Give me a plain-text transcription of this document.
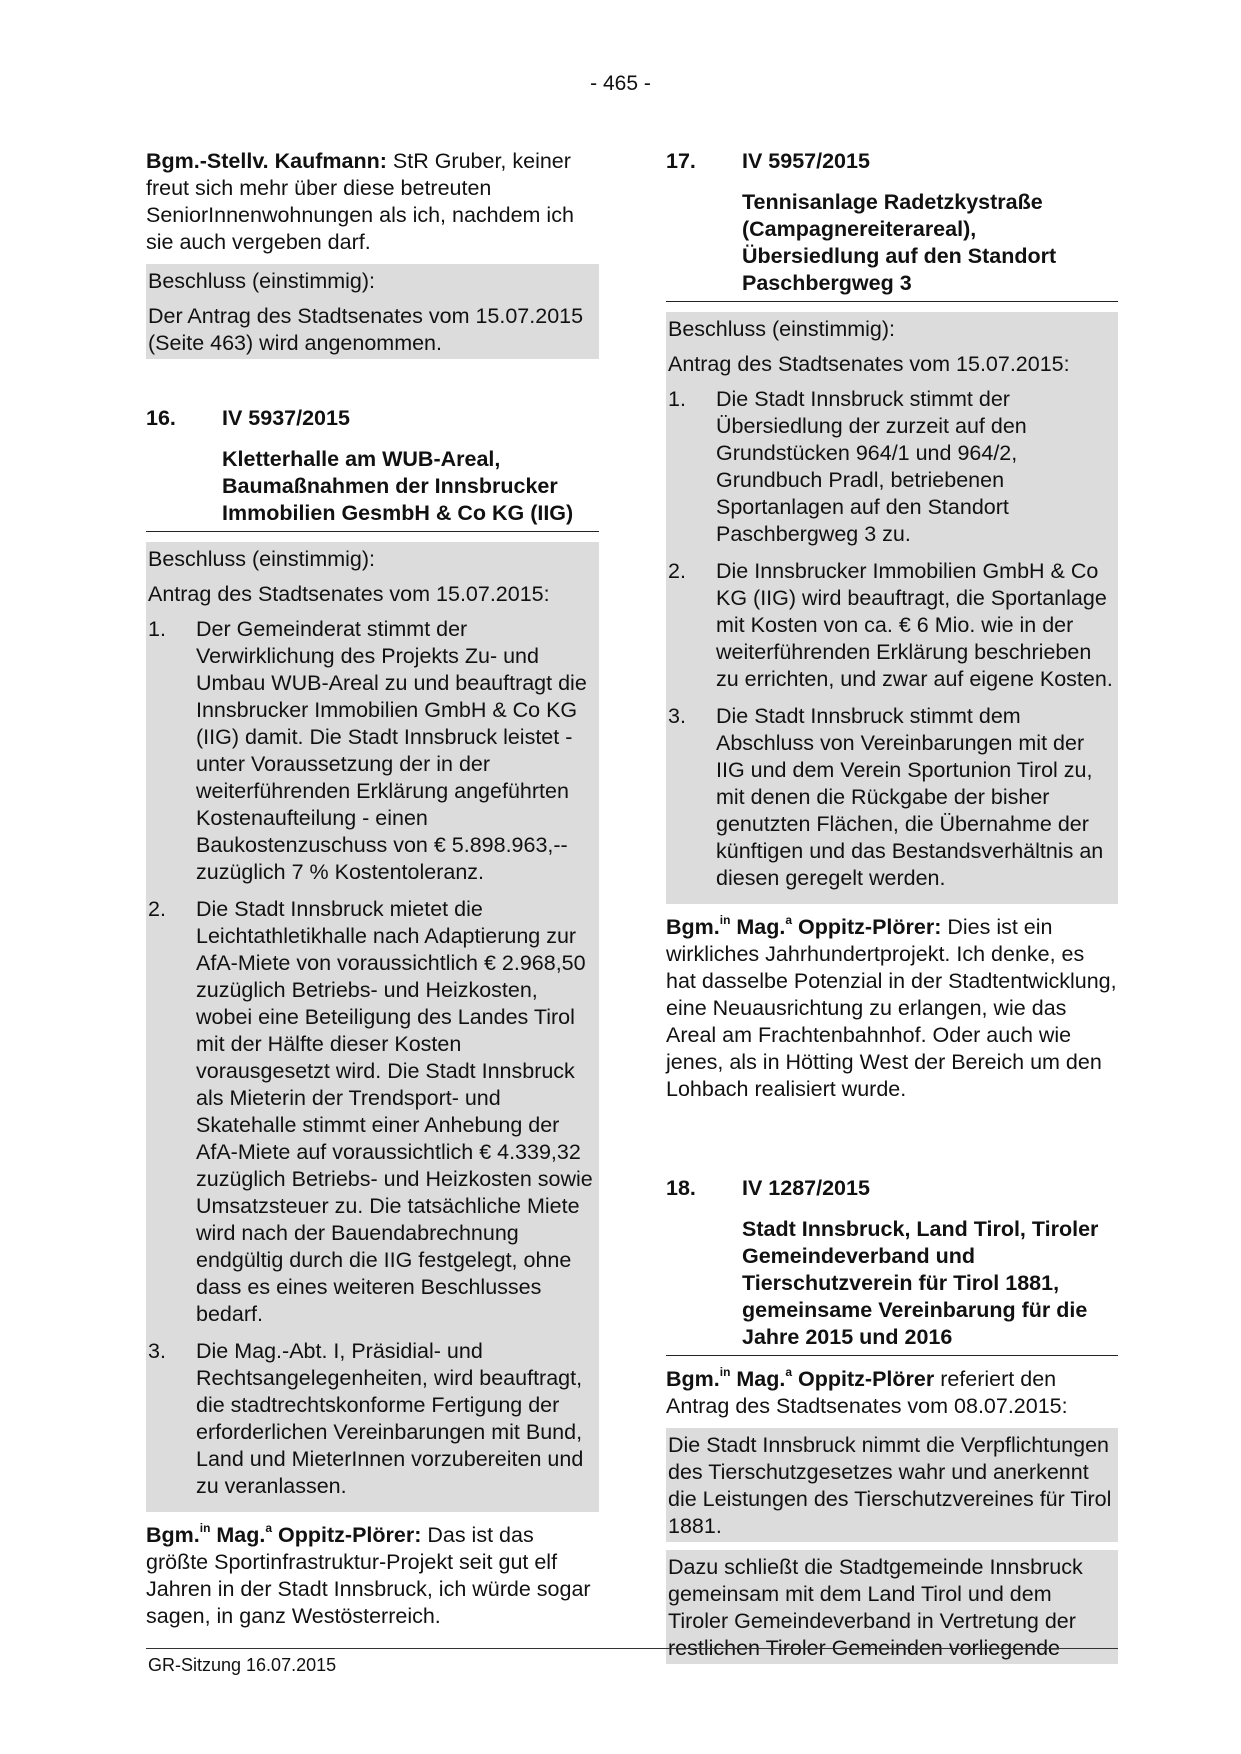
- 465 -

Bgm.-Stellv. Kaufmann: StR Gruber, keiner freut sich mehr über diese betreuten SeniorInnenwohnungen als ich, nachdem ich sie auch vergeben darf.

Beschluss (einstimmig):

Der Antrag des Stadtsenates vom 15.07.2015 (Seite 463) wird angenommen.

16.	IV 5937/2015
Kletterhalle am WUB-Areal, Baumaßnahmen der Innsbrucker Immobilien GesmbH & Co KG (IIG)

Beschluss (einstimmig):

Antrag des Stadtsenates vom 15.07.2015:

1.	Der Gemeinderat stimmt der Verwirklichung des Projekts Zu- und Umbau WUB-Areal zu und beauftragt die Innsbrucker Immobilien GmbH & Co KG (IIG) damit. Die Stadt Innsbruck leistet - unter Voraussetzung der in der weiterführenden Erklärung angeführten Kostenaufteilung - einen Baukostenzuschuss von € 5.898.963,-- zuzüglich 7 % Kostentoleranz.
2.	Die Stadt Innsbruck mietet die Leichtathletikhalle nach Adaptierung zur AfA-Miete von voraussichtlich € 2.968,50 zuzüglich Betriebs- und Heizkosten, wobei eine Beteiligung des Landes Tirol mit der Hälfte dieser Kosten vorausgesetzt wird. Die Stadt Innsbruck als Mieterin der Trendsport- und Skatehalle stimmt einer Anhebung der AfA-Miete auf voraussichtlich € 4.339,32 zuzüglich Betriebs- und Heizkosten sowie Umsatzsteuer zu. Die tatsächliche Miete wird nach der Bauendabrechnung endgültig durch die IIG festgelegt, ohne dass es eines weiteren Beschlusses bedarf.
3.	Die Mag.-Abt. I, Präsidial- und Rechtsangelegenheiten, wird beauftragt, die stadtrechtskonforme Fertigung der erforderlichen Vereinbarungen mit Bund, Land und MieterInnen vorzubereiten und zu veranlassen.

Bgm.$^{in}$ Mag.$^a$ Oppitz-Plörer: Das ist das größte Sportinfrastruktur-Projekt seit gut elf Jahren in der Stadt Innsbruck, ich würde sogar sagen, in ganz Westösterreich.

17.	IV 5957/2015
Tennisanlage Radetzkystraße (Campagnereiterareal), Übersiedlung auf den Standort Paschbergweg 3

Beschluss (einstimmig):

Antrag des Stadtsenates vom 15.07.2015:

1.	Die Stadt Innsbruck stimmt der Übersiedlung der zurzeit auf den Grundstücken 964/1 und 964/2, Grundbuch Pradl, betriebenen Sportanlagen auf den Standort Paschbergweg 3 zu.
2.	Die Innsbrucker Immobilien GmbH & Co KG (IIG) wird beauftragt, die Sportanlage mit Kosten von ca. € 6 Mio. wie in der weiterführenden Erklärung beschrieben zu errichten, und zwar auf eigene Kosten.
3.	Die Stadt Innsbruck stimmt dem Abschluss von Vereinbarungen mit der IIG und dem Verein Sportunion Tirol zu, mit denen die Rückgabe der bisher genutzten Flächen, die Übernahme der künftigen und das Bestandsverhältnis an diesen geregelt werden.

Bgm.$^{in}$ Mag.$^a$ Oppitz-Plörer: Dies ist ein wirkliches Jahrhundertprojekt. Ich denke, es hat dasselbe Potenzial in der Stadtentwicklung, eine Neuausrichtung zu erlangen, wie das Areal am Frachtenbahnhof. Oder auch wie jenes, als in Hötting West der Bereich um den Lohbach realisiert wurde.

18.	IV 1287/2015
Stadt Innsbruck, Land Tirol, Tiroler Gemeindeverband und Tierschutzverein für Tirol 1881, gemeinsame Vereinbarung für die Jahre 2015 und 2016

Bgm.$^{in}$ Mag.$^a$ Oppitz-Plörer referiert den Antrag des Stadtsenates vom 08.07.2015:

Die Stadt Innsbruck nimmt die Verpflichtungen des Tierschutzgesetzes wahr und anerkennt die Leistungen des Tierschutzvereines für Tirol 1881.

Dazu schließt die Stadtgemeinde Innsbruck gemeinsam mit dem Land Tirol und dem Tiroler Gemeindeverband in Vertretung der restlichen Tiroler Gemeinden vorliegende

GR-Sitzung 16.07.2015
